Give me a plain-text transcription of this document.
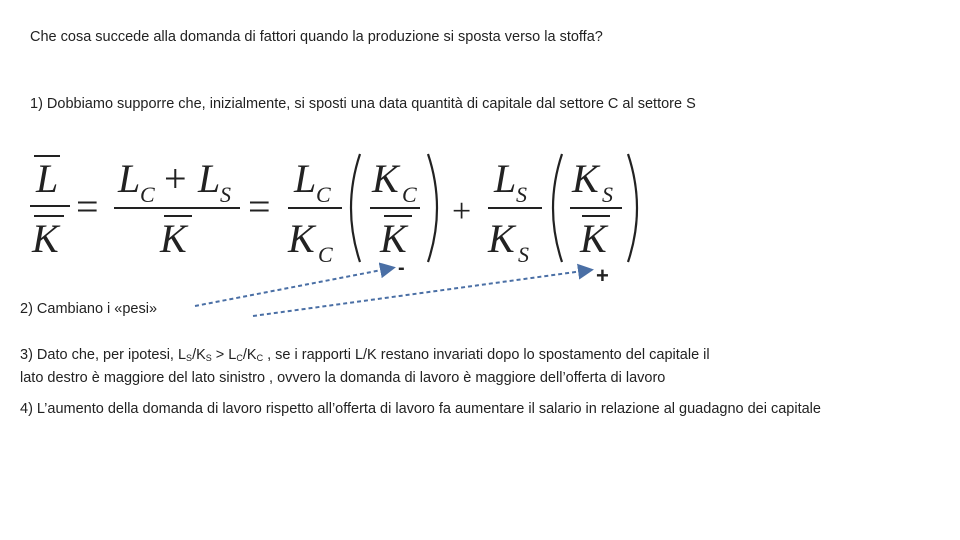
Che cosa succede alla domanda di fattori quando la produzione si sposta verso la stoffa?
1) Dobbiamo supporre che, inizialmente, si sposti una data quantità di capitale dal settore C al settore S
L
K
=
L C + L S
K
=
L C
K C
K C
K
+
L S
K S
K S
K
-	+
2) Cambiano i «pesi»
3) Dato che, per ipotesi, $L_S/K_S > L_C/K_C$ , se i rapporti L/K restano invariati dopo lo spostamento del capitale il
lato destro è maggiore del lato sinistro , ovvero la domanda di lavoro è maggiore dell’offerta di lavoro
4) L’aumento della domanda di lavoro rispetto all’offerta di lavoro fa aumentare il salario in relazione al guadagno dei capitale
